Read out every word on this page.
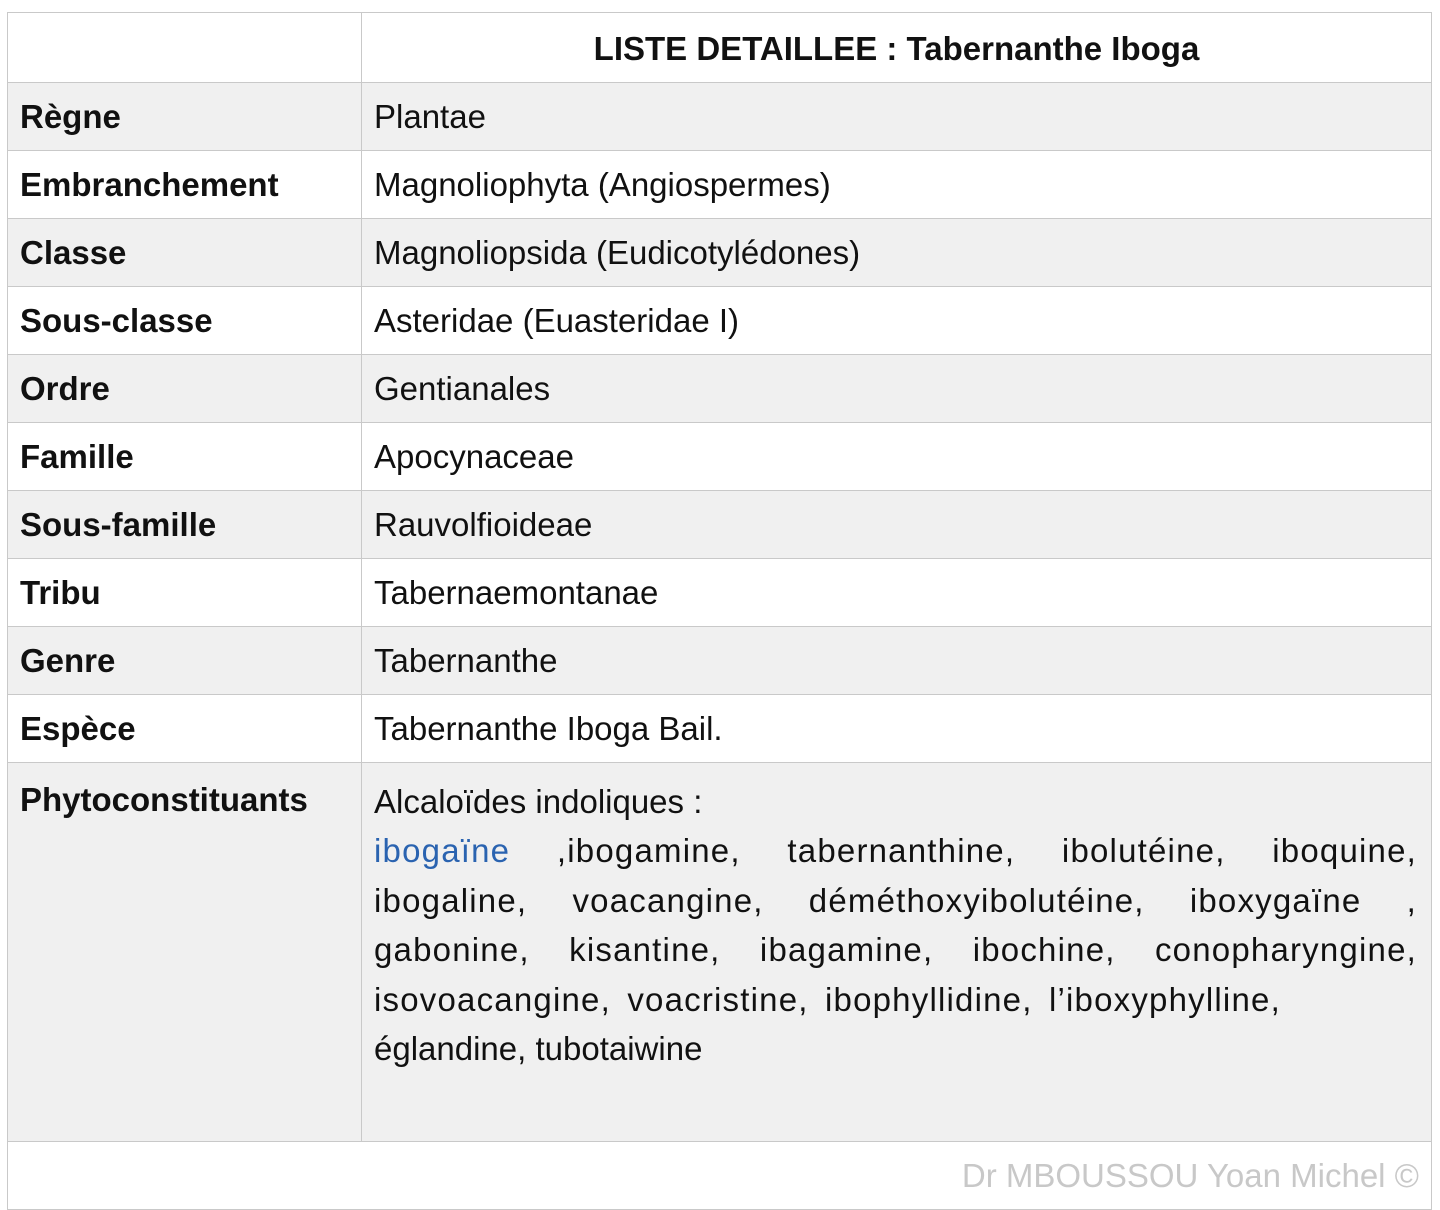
	LISTE DETAILLEE : Tabernanthe Iboga
Règne	Plantae
Embranchement	Magnoliophyta (Angiospermes)
Classe	Magnoliopsida (Eudicotylédones)
Sous-classe	Asteridae (Euasteridae I)
Ordre	Gentianales
Famille	Apocynaceae
Sous-famille	Rauvolfioideae
Tribu	Tabernaemontanae
Genre	Tabernanthe
Espèce	Tabernanthe Iboga Bail.
Phytoconstituants	Alcaloïdes indoliques :
ibogaïne ,ibogamine, tabernanthine, ibolutéine, iboquine, ibogaline, voacangine, déméthoxyibolutéine, iboxygaïne , gabonine, kisantine, ibagamine, ibochine, conopharyngine, isovoacangine, voacristine, ibophyllidine, l’iboxyphylline,
églandine, tubotaiwine

Dr MBOUSSOU Yoan Michel ©	
